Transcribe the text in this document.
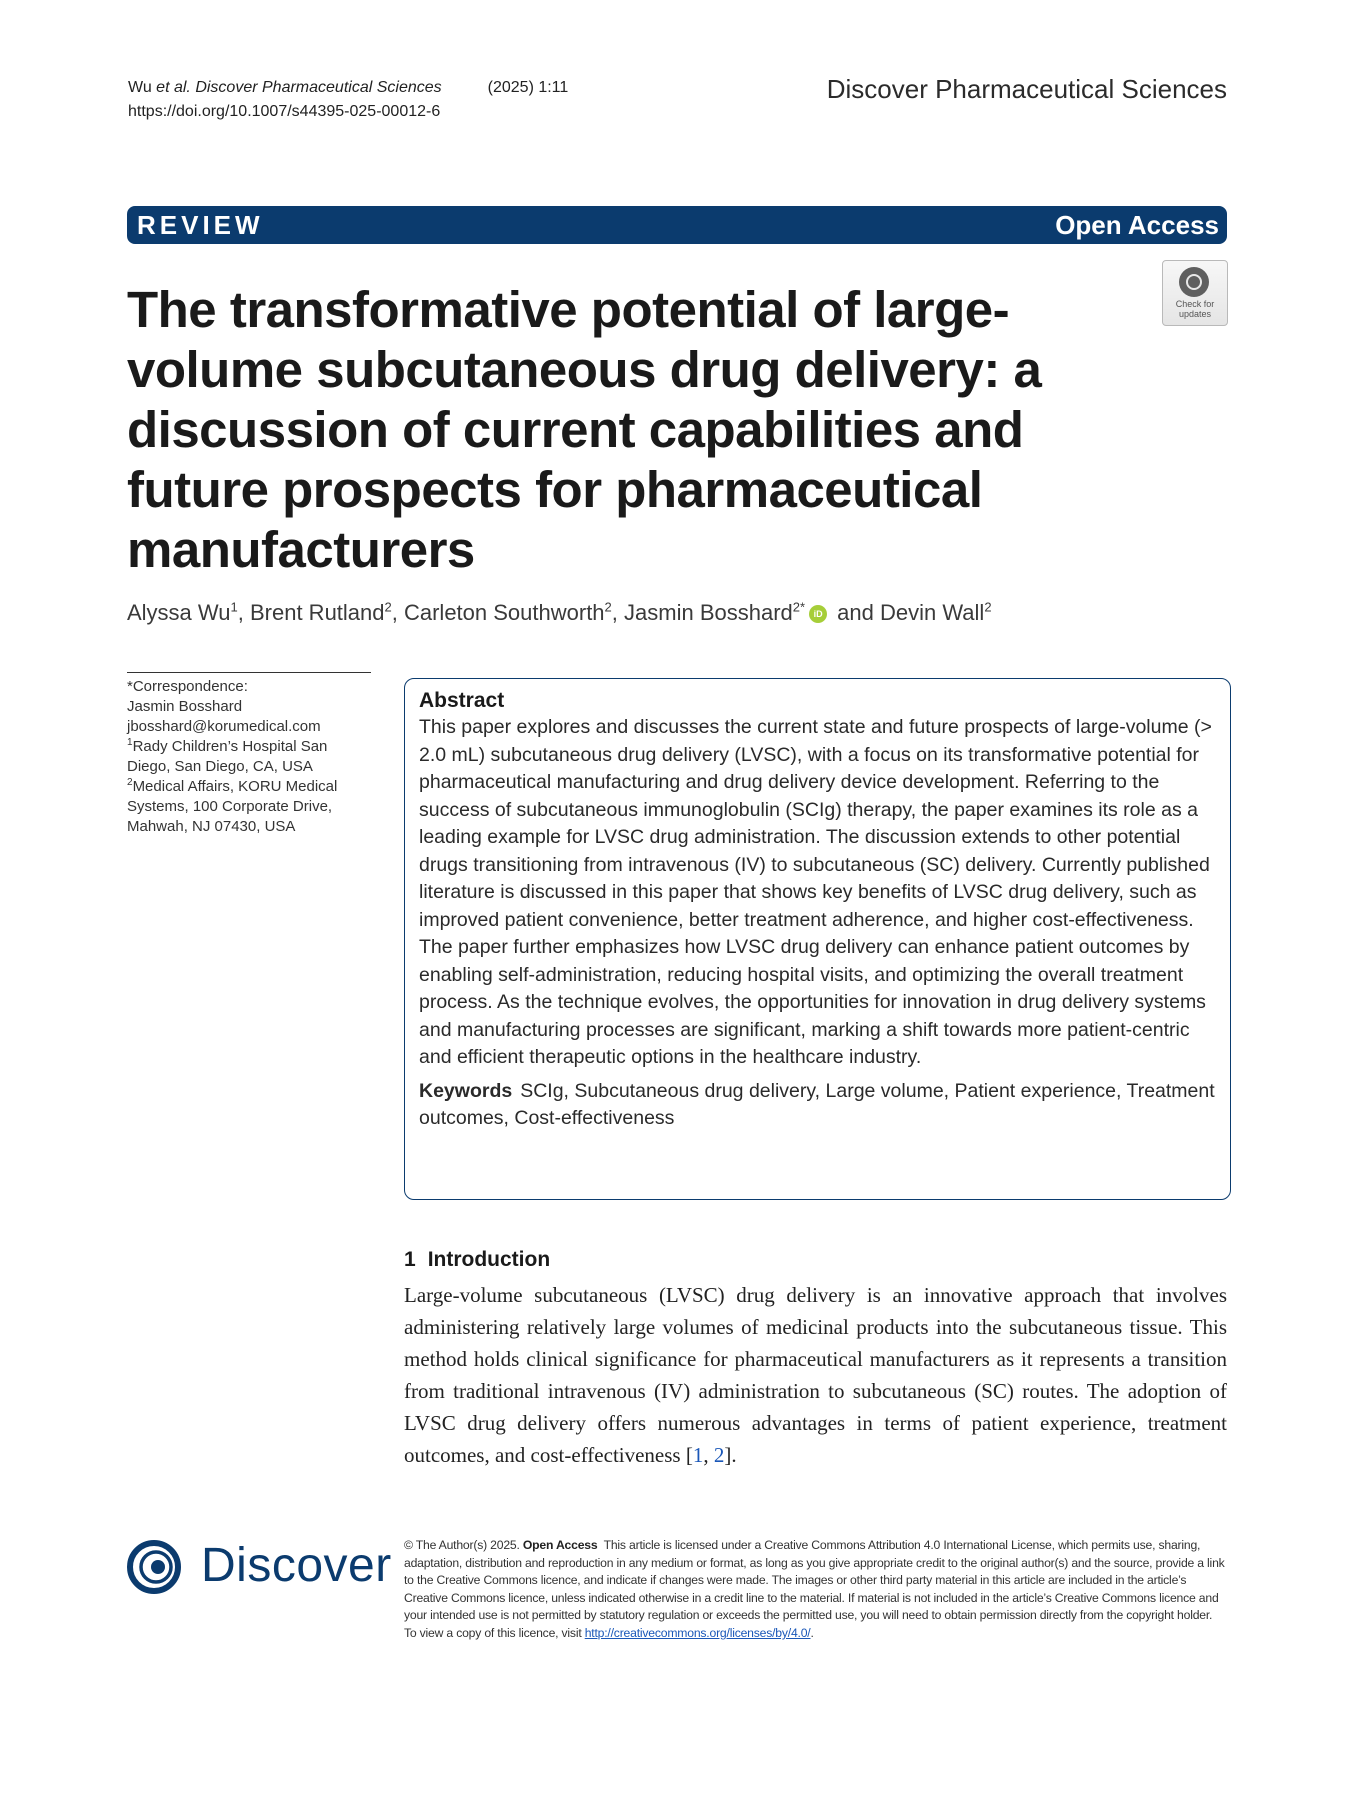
Wu et al. Discover Pharmaceutical Sciences	(2025) 1:11
https://doi.org/10.1007/s44395-025-00012-6
Discover Pharmaceutical Sciences
REVIEW	Open Access
Check for
updates
The transformative potential of large-volume subcutaneous drug delivery: a discussion of current capabilities and future prospects for pharmaceutical manufacturers
Alyssa Wu$^1$, Brent Rutland$^2$, Carleton Southworth$^2$, Jasmin Bosshard$^{2*}$ iD and Devin Wall$^2$
*Correspondence:
Jasmin Bosshard
jbosshard@korumedical.com
$^1$Rady Children’s Hospital San
Diego, San Diego, CA, USA
$^2$Medical Affairs, KORU Medical
Systems, 100 Corporate Drive,
Mahwah, NJ 07430, USA
Abstract
This paper explores and discusses the current state and future prospects of large-volume (> 2.0 mL) subcutaneous drug delivery (LVSC), with a focus on its transformative potential for pharmaceutical manufacturing and drug delivery device development. Referring to the success of subcutaneous immunoglobulin (SCIg) therapy, the paper examines its role as a leading example for LVSC drug administration. The discussion extends to other potential drugs transitioning from intravenous (IV) to subcutaneous (SC) delivery. Currently published literature is discussed in this paper that shows key benefits of LVSC drug delivery, such as improved patient convenience, better treatment adherence, and higher cost-effectiveness. The paper further emphasizes how LVSC drug delivery can enhance patient outcomes by enabling self-administration, reducing hospital visits, and optimizing the overall treatment process. As the technique evolves, the opportunities for innovation in drug delivery systems and manufacturing processes are significant, marking a shift towards more patient-centric and efficient therapeutic options in the healthcare industry.
Keywords SCIg, Subcutaneous drug delivery, Large volume, Patient experience, Treatment outcomes, Cost-effectiveness
1 Introduction

Large-volume subcutaneous (LVSC) drug delivery is an innovative approach that involves administering relatively large volumes of medicinal products into the subcutaneous tissue. This method holds clinical significance for pharmaceutical manufacturers as it represents a transition from traditional intravenous (IV) administration to subcutaneous (SC) routes. The adoption of LVSC drug delivery offers numerous advantages in terms of patient experience, treatment outcomes, and cost-effectiveness [1, 2].

Discover © The Author(s) 2025. Open Access This article is licensed under a Creative Commons Attribution 4.0 International License, which permits use, sharing, adaptation, distribution and reproduction in any medium or format, as long as you give appropriate credit to the original author(s) and the source, provide a link to the Creative Commons licence, and indicate if changes were made. The images or other third party material in this article are included in the article’s Creative Commons licence, unless indicated otherwise in a credit line to the material. If material is not included in the article’s Creative Commons licence and your intended use is not permitted by statutory regulation or exceeds the permitted use, you will need to obtain permission directly from the copyright holder. To view a copy of this licence, visit http://creativecommons.org/licenses/by/4.0/.
